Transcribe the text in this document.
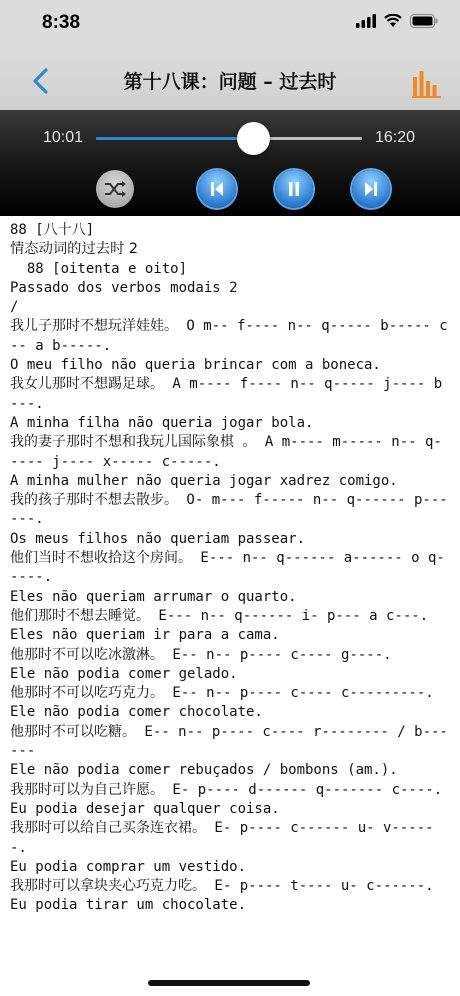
8:38
第十八课：问题 – 过去时
10:01	16:20
88 [八十八]
情态动词的过去时 2
88 [oitenta e oito]
Passado dos verbos modais 2
/
我儿子那时不想玩洋娃娃。 O m-- f---- n-- q----- b----- c-- a b-----.
O meu filho não queria brincar com a boneca.
我女儿那时不想踢足球。 A m---- f---- n-- q----- j---- b---.
A minha filha não queria jogar bola.
我的妻子那时不想和我玩儿国际象棋 。 A m---- m----- n-- q----- j---- x----- c-----.
A minha mulher não queria jogar xadrez comigo.
我的孩子那时不想去散步。 O- m--- f----- n-- q------ p------.
Os meus filhos não queriam passear.
他们当时不想收拾这个房间。 E--- n-- q------ a------ o q-----.
Eles não queriam arrumar o quarto.
他们那时不想去睡觉。 E--- n-- q------ i- p--- a c---.
Eles não queriam ir para a cama.
他那时不可以吃冰激淋。 E-- n-- p---- c---- g----.
Ele não podia comer gelado.
他那时不可以吃巧克力。 E-- n-- p---- c---- c---------.
Ele não podia comer chocolate.
他那时不可以吃糖。 E-- n-- p---- c---- r-------- / b------
Ele não podia comer rebuçados / bombons (am.).
我那时可以为自己许愿。 E- p---- d------ q------- c----.
Eu podia desejar qualquer coisa.
我那时可以给自己买条连衣裙。 E- p---- c------ u- v------.
Eu podia comprar um vestido.
我那时可以拿块夹心巧克力吃。 E- p---- t---- u- c------.
Eu podia tirar um chocolate.
